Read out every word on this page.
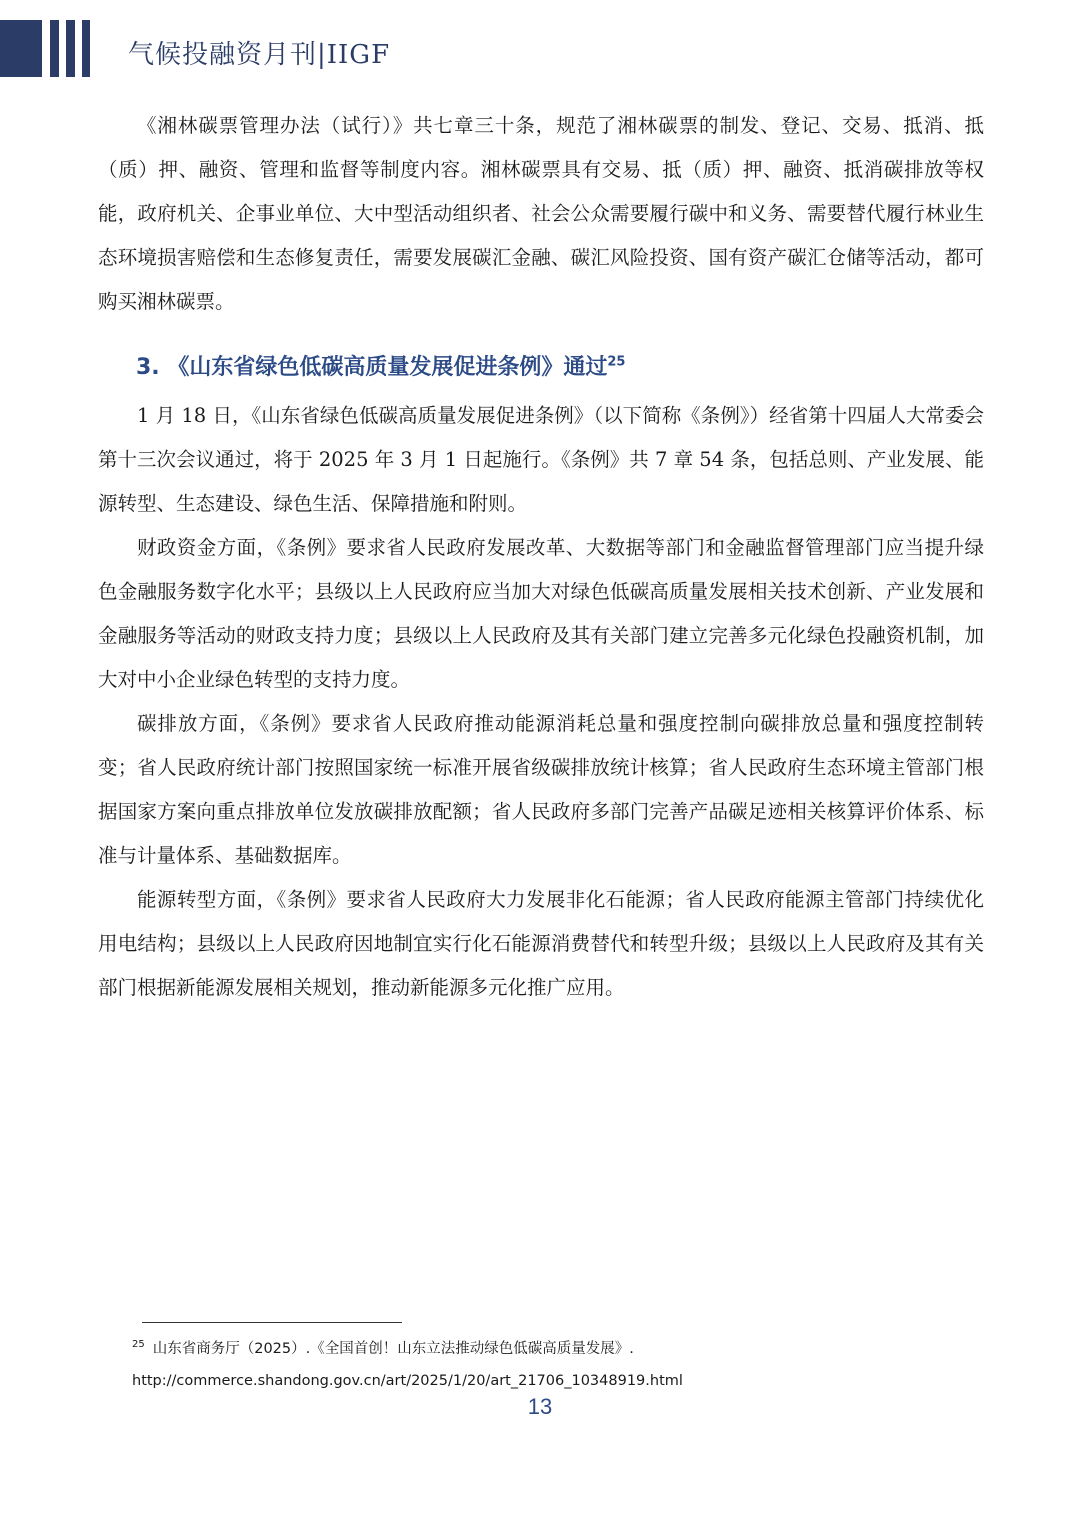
气候投融资月刊|IIGF

《湘林碳票管理办法（试行）》共七章三十条，规范了湘林碳票的制发、登记、交易、抵消、抵（质）押、融资、管理和监督等制度内容。湘林碳票具有交易、抵（质）押、融资、抵消碳排放等权能，政府机关、企事业单位、大中型活动组织者、社会公众需要履行碳中和义务、需要替代履行林业生态环境损害赔偿和生态修复责任，需要发展碳汇金融、碳汇风险投资、国有资产碳汇仓储等活动，都可购买湘林碳票。

3. 《山东省绿色低碳高质量发展促进条例》通过$^{25}$

1 月 18 日，《山东省绿色低碳高质量发展促进条例》（以下简称《条例》）经省第十四届人大常委会第十三次会议通过，将于 2025 年 3 月 1 日起施行。《条例》共 7 章 54 条，包括总则、产业发展、能源转型、生态建设、绿色生活、保障措施和附则。

财政资金方面，《条例》要求省人民政府发展改革、大数据等部门和金融监督管理部门应当提升绿色金融服务数字化水平；县级以上人民政府应当加大对绿色低碳高质量发展相关技术创新、产业发展和金融服务等活动的财政支持力度；县级以上人民政府及其有关部门建立完善多元化绿色投融资机制，加大对中小企业绿色转型的支持力度。

碳排放方面，《条例》要求省人民政府推动能源消耗总量和强度控制向碳排放总量和强度控制转变；省人民政府统计部门按照国家统一标准开展省级碳排放统计核算；省人民政府生态环境主管部门根据国家方案向重点排放单位发放碳排放配额；省人民政府多部门完善产品碳足迹相关核算评价体系、标准与计量体系、基础数据库。

能源转型方面，《条例》要求省人民政府大力发展非化石能源；省人民政府能源主管部门持续优化用电结构；县级以上人民政府因地制宜实行化石能源消费替代和转型升级；县级以上人民政府及其有关部门根据新能源发展相关规划，推动新能源多元化推广应用。

$^{25}$ 山东省商务厅（2025）.《全国首创！山东立法推动绿色低碳高质量发展》.
http://commerce.shandong.gov.cn/art/2025/1/20/art_21706_10348919.html
13
